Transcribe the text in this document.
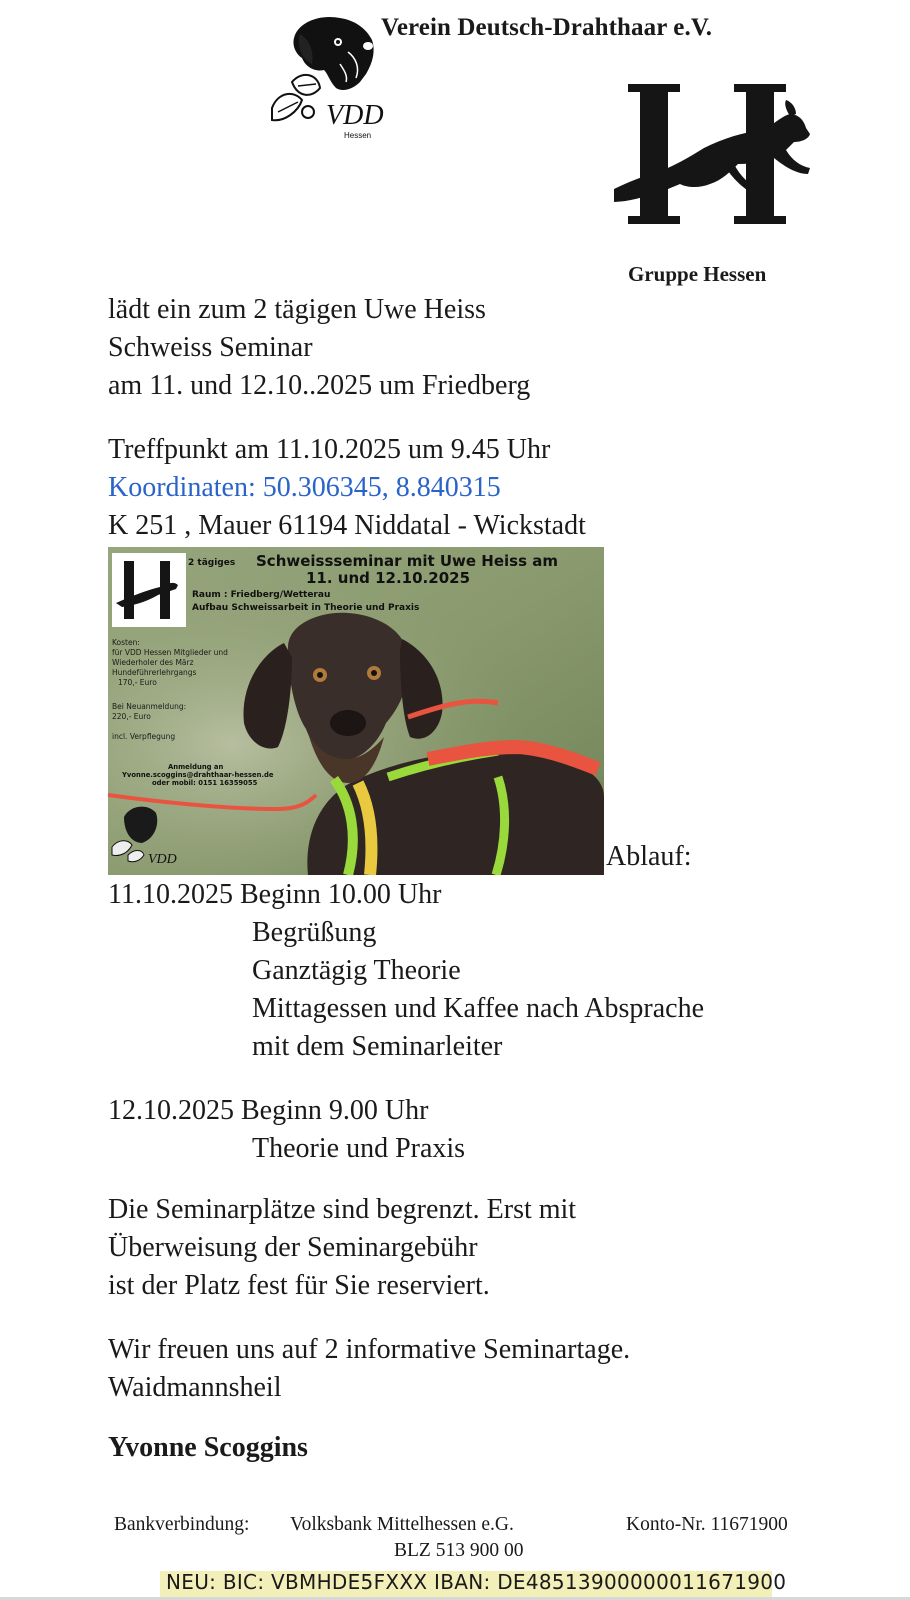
Verein Deutsch-Drahthaar e.V.
VDD
Hessen
Gruppe Hessen
lädt ein zum 2 tägigen Uwe Heiss
Schweiss Seminar
am 11. und 12.10..2025 um Friedberg
Treffpunkt am 11.10.2025 um 9.45 Uhr
Koordinaten: 50.306345, 8.840315
K 251 , Mauer 61194 Niddatal - Wickstadt
2 tägiges Schweissseminar mit Uwe Heiss am
11. und 12.10.2025
Raum : Friedberg/Wetterau
Aufbau Schweissarbeit in Theorie und Praxis
Kosten:
für VDD Hessen Mitglieder und
Wiederholer des März
Hundeführerlehrgangs
170,- Euro
Bei Neuanmeldung:
220,- Euro
incl. Verpflegung
Anmeldung an
Yvonne.scoggins@drahthaar-hessen.de
oder mobil: 0151 16359055
VDD	Ablauf:
11.10.2025 Beginn 10.00 Uhr
Begrüßung
Ganztägig Theorie
Mittagessen und Kaffee nach Absprache
mit dem Seminarleiter
12.10.2025 Beginn 9.00 Uhr
Theorie und Praxis
Die Seminarplätze sind begrenzt. Erst mit
Überweisung der Seminargebühr
ist der Platz fest für Sie reserviert.
Wir freuen uns auf 2 informative Seminartage.
Waidmannsheil
Yvonne Scoggins
Bankverbindung: Volksbank Mittelhessen e.G.
BLZ 513 900 00
Konto-Nr. 11671900
NEU: BIC: VBMHDE5FXXX IBAN: DE48513900000011671900
